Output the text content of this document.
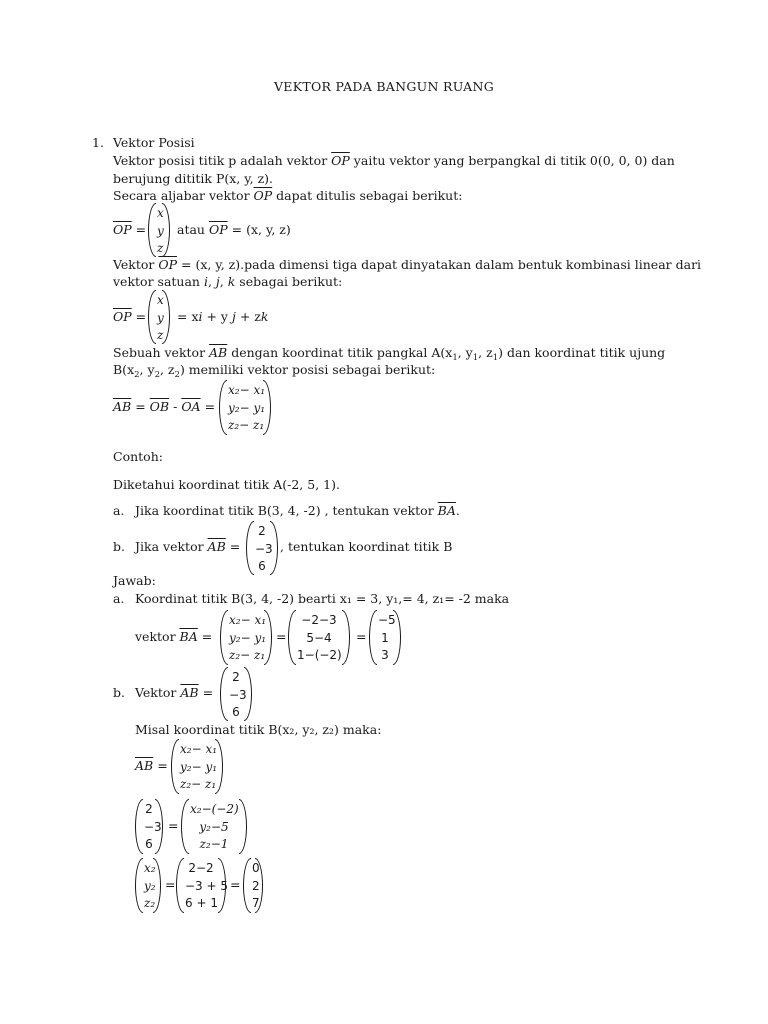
VEKTOR PADA BANGUN RUANG
1. Vektor Posisi
Vektor posisi titik p adalah vektor $\overline{OP}$ yaitu vektor yang berpangkal di titik 0(0, 0, 0) dan
berujung dititik P(x, y, z).
Secara aljabar vektor $\overline{OP}$ dapat ditulis sebagai berikut:
$\overline{OP}$ =
x
y
z
atau $\overline{OP} = (x$, y, z)
Vektor $\overline{OP} = (x$, y, z).pada dimensi tiga dapat dinyatakan dalam bentuk kombinasi linear dari
vektor satuan i, j, k sebagai berikut:
$\overline{OP}$ =
x
y
z
= xi + y j + zk
Sebuah vektor $\overline{AB}$ dengan koordinat titik pangkal $A(x_1$, $y_1$, $z_1$) dan koordinat titik ujung
$B(x_2$, $y_2$, $z_2$) memiliki vektor posisi sebagai berikut:
$\overline{AB} = \overline{OB} - \overline{OA}$ =
x₂− x₁
y₂− y₁
z₂− z₁
Contoh:
Diketahui koordinat titik A(-2, 5, 1).
a. Jika koordinat titik B(3, 4, -2) , tentukan vektor $\overline{BA}$.
b. Jika vektor $\overline{AB}$ =
2
−3
6
, tentukan koordinat titik B
Jawab:
a. Koordinat titik B(3, 4, -2) bearti x₁ = 3, y₁,= 4, z₁= -2 maka
vektor $\overline{BA}$ =
x₂− x₁
y₂− y₁
z₂− z₁
=
−2−3
5−4
1−(−2)
=
−5
1
3
b. Vektor $\overline{AB}$ =
2
−3
6
Misal koordinat titik B(x₂, y₂, z₂) maka:
$\overline{AB}$ =
x₂− x₁
y₂− y₁
z₂− z₁
2
−3
6
=
x₂−(−2)
y₂−5
z₂−1
x₂
y₂
z₂
=
2−2
−3 + 5
6 + 1
=
0
2
7
